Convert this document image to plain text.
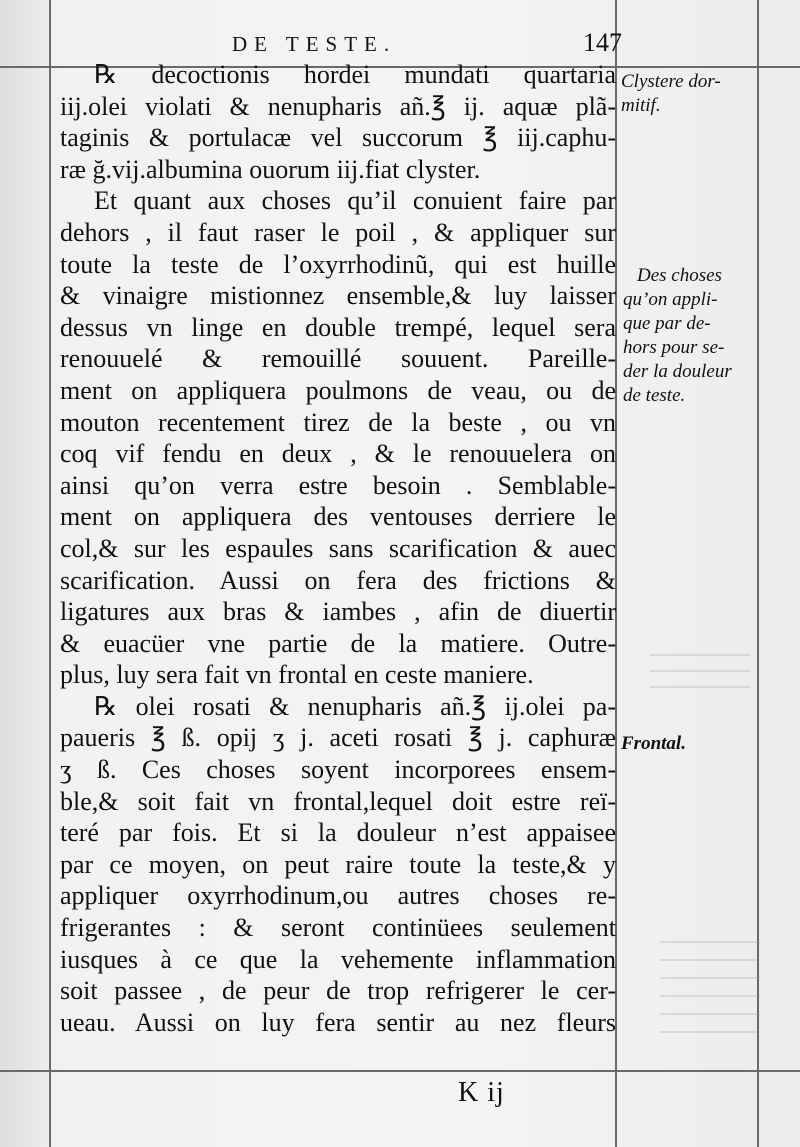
DE TESTE.	147
℞ decoctionis hordei mundati quartaria
iij.olei violati & nenupharis añ.℥ ij. aquæ plã-
taginis & portulacæ vel succorum ℥ iij.caphu-
ræ ğ.vij.albumina ouorum iij.fiat clyster.
Et quant aux choses qu’il conuient faire par
dehors , il faut raser le poil , & appliquer sur
toute la teste de l’oxyrrhodinũ, qui est huille
& vinaigre mistionnez ensemble,& luy laisser
dessus vn linge en double trempé, lequel sera
renouuelé & remouillé souuent. Pareille-
ment on appliquera poulmons de veau, ou de
mouton recentement tirez de la beste , ou vn
coq vif fendu en deux , & le renouuelera on
ainsi qu’on verra estre besoin . Semblable-
ment on appliquera des ventouses derriere le
col,& sur les espaules sans scarification & auec
scarification. Aussi on fera des frictions &
ligatures aux bras & iambes , afin de diuertir
& euacüer vne partie de la matiere. Outre-
plus, luy sera fait vn frontal en ceste maniere.
℞ olei rosati & nenupharis añ.℥ ij.olei pa-
paueris ℥ ß. opij ʒ j. aceti rosati ℥ j. caphuræ
ʒ ß. Ces choses soyent incorporees ensem-
ble,& soit fait vn frontal,lequel doit estre reï-
teré par fois. Et si la douleur n’est appaisee
par ce moyen, on peut raire toute la teste,& y
appliquer oxyrrhodinum,ou autres choses re-
frigerantes : & seront continüees seulement
iusques à ce que la vehemente inflammation
soit passee , de peur de trop refrigerer le cer-
ueau. Aussi on luy fera sentir au nez fleurs
Clystere dor-
mitif.
Des choses
qu’on appli-
que par de-
hors pour se-
der la douleur
de teste.
Frontal.
K ij
